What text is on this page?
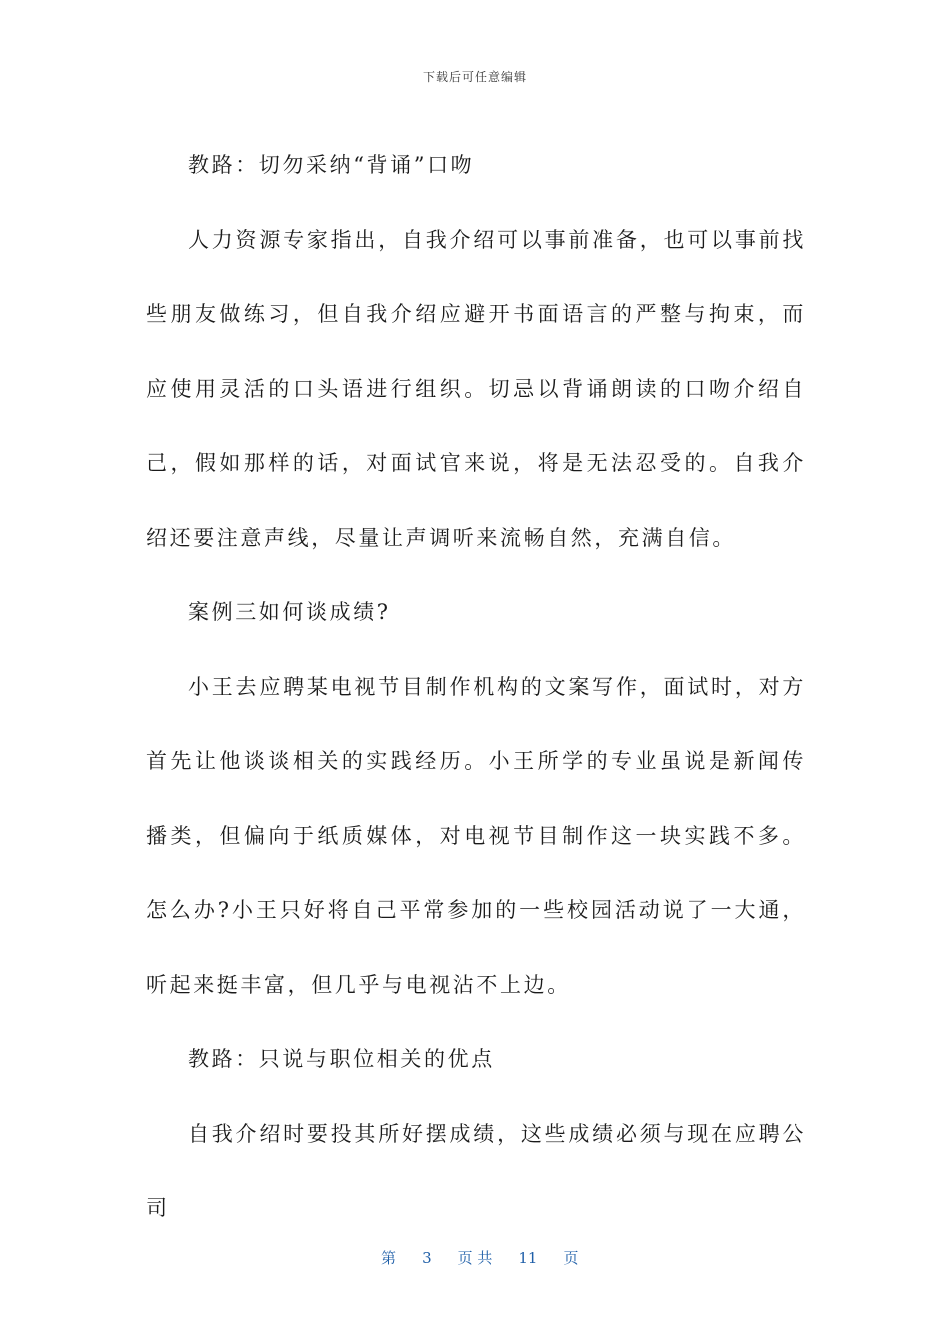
下载后可任意编辑

教路：切勿采纳“背诵”口吻

人力资源专家指出，自我介绍可以事前准备，也可以事前找些朋友做练习，但自我介绍应避开书面语言的严整与拘束，而应使用灵活的口头语进行组织。切忌以背诵朗读的口吻介绍自己，假如那样的话，对面试官来说，将是无法忍受的。自我介绍还要注意声线，尽量让声调听来流畅自然，充满自信。

案例三如何谈成绩?

小王去应聘某电视节目制作机构的文案写作，面试时，对方首先让他谈谈相关的实践经历。小王所学的专业虽说是新闻传播类，但偏向于纸质媒体，对电视节目制作这一块实践不多。怎么办?小王只好将自己平常参加的一些校园活动说了一大通，听起来挺丰富，但几乎与电视沾不上边。

教路：只说与职位相关的优点

自我介绍时要投其所好摆成绩，这些成绩必须与现在应聘公司

第 3 页 共 11 页
